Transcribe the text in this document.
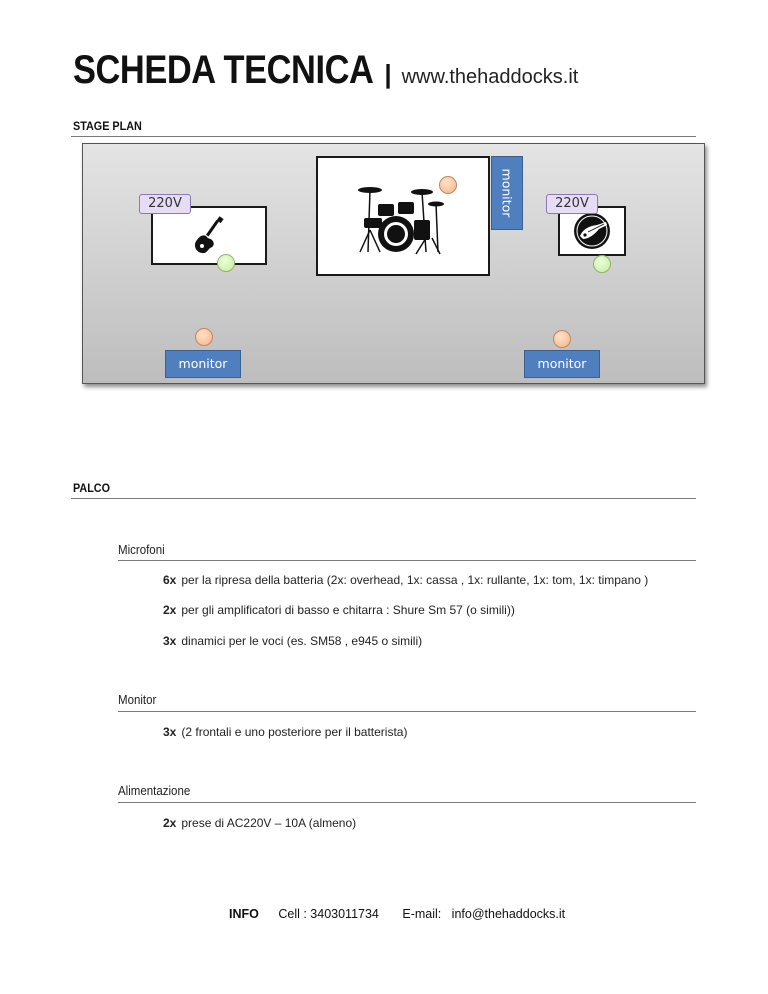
SCHEDA TECNICA | www.thehaddocks.it
STAGE PLAN
220V	monitor	220V
monitor	monitor
PALCO
Microfoni
6x per la ripresa della batteria (2x: overhead, 1x: cassa , 1x: rullante, 1x: tom, 1x: timpano )
2x per gli amplificatori di basso e chitarra : Shure Sm 57 (o simili))
3x dinamici per le voci (es. SM58 , e945 o simili)
Monitor
3x (2 frontali e uno posteriore per il batterista)
Alimentazione
2x prese di AC220V – 10A (almeno)
INFO Cell : 3403011734 E-mail:   info@thehaddocks.it
